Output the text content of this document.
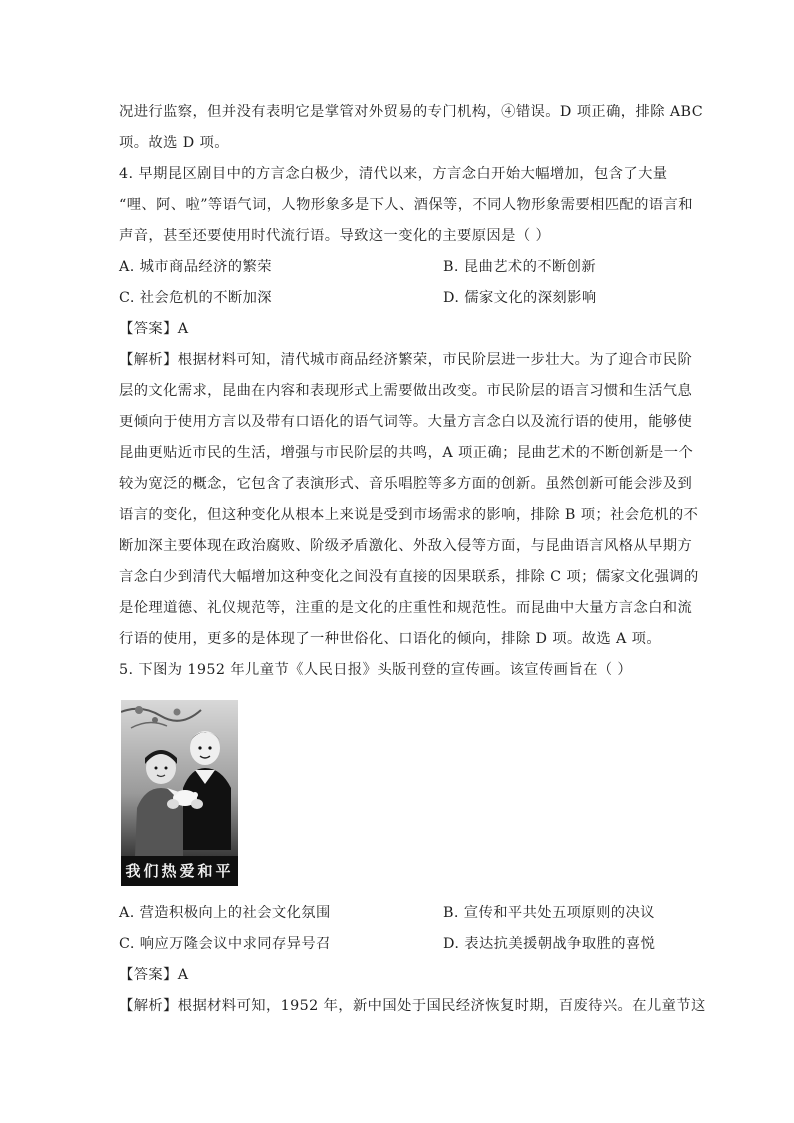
况进行监察，但并没有表明它是掌管对外贸易的专门机构，④错误。D 项正确，排除 ABC
项。故选 D 项。
4. 早期昆区剧目中的方言念白极少，清代以来，方言念白开始大幅增加，包含了大量
“哩、阿、啦”等语气词，人物形象多是下人、酒保等，不同人物形象需要相匹配的语言和
声音，甚至还要使用时代流行语。导致这一变化的主要原因是（ ）
A. 城市商品经济的繁荣	B. 昆曲艺术的不断创新
C. 社会危机的不断加深	D. 儒家文化的深刻影响
【答案】A
【解析】根据材料可知，清代城市商品经济繁荣，市民阶层进一步壮大。为了迎合市民阶
层的文化需求，昆曲在内容和表现形式上需要做出改变。市民阶层的语言习惯和生活气息
更倾向于使用方言以及带有口语化的语气词等。大量方言念白以及流行语的使用，能够使
昆曲更贴近市民的生活，增强与市民阶层的共鸣，A 项正确；昆曲艺术的不断创新是一个
较为宽泛的概念，它包含了表演形式、音乐唱腔等多方面的创新。虽然创新可能会涉及到
语言的变化，但这种变化从根本上来说是受到市场需求的影响，排除 B 项；社会危机的不
断加深主要体现在政治腐败、阶级矛盾激化、外敌入侵等方面，与昆曲语言风格从早期方
言念白少到清代大幅增加这种变化之间没有直接的因果联系，排除 C 项；儒家文化强调的
是伦理道德、礼仪规范等，注重的是文化的庄重性和规范性。而昆曲中大量方言念白和流
行语的使用，更多的是体现了一种世俗化、口语化的倾向，排除 D 项。故选 A 项。
5. 下图为 1952 年儿童节《人民日报》头版刊登的宣传画。该宣传画旨在（ ）
我们热爱和平
A. 营造积极向上的社会文化氛围	B. 宣传和平共处五项原则的决议
C. 响应万隆会议中求同存异号召	D. 表达抗美援朝战争取胜的喜悦
【答案】A
【解析】根据材料可知，1952 年，新中国处于国民经济恢复时期，百废待兴。在儿童节这
